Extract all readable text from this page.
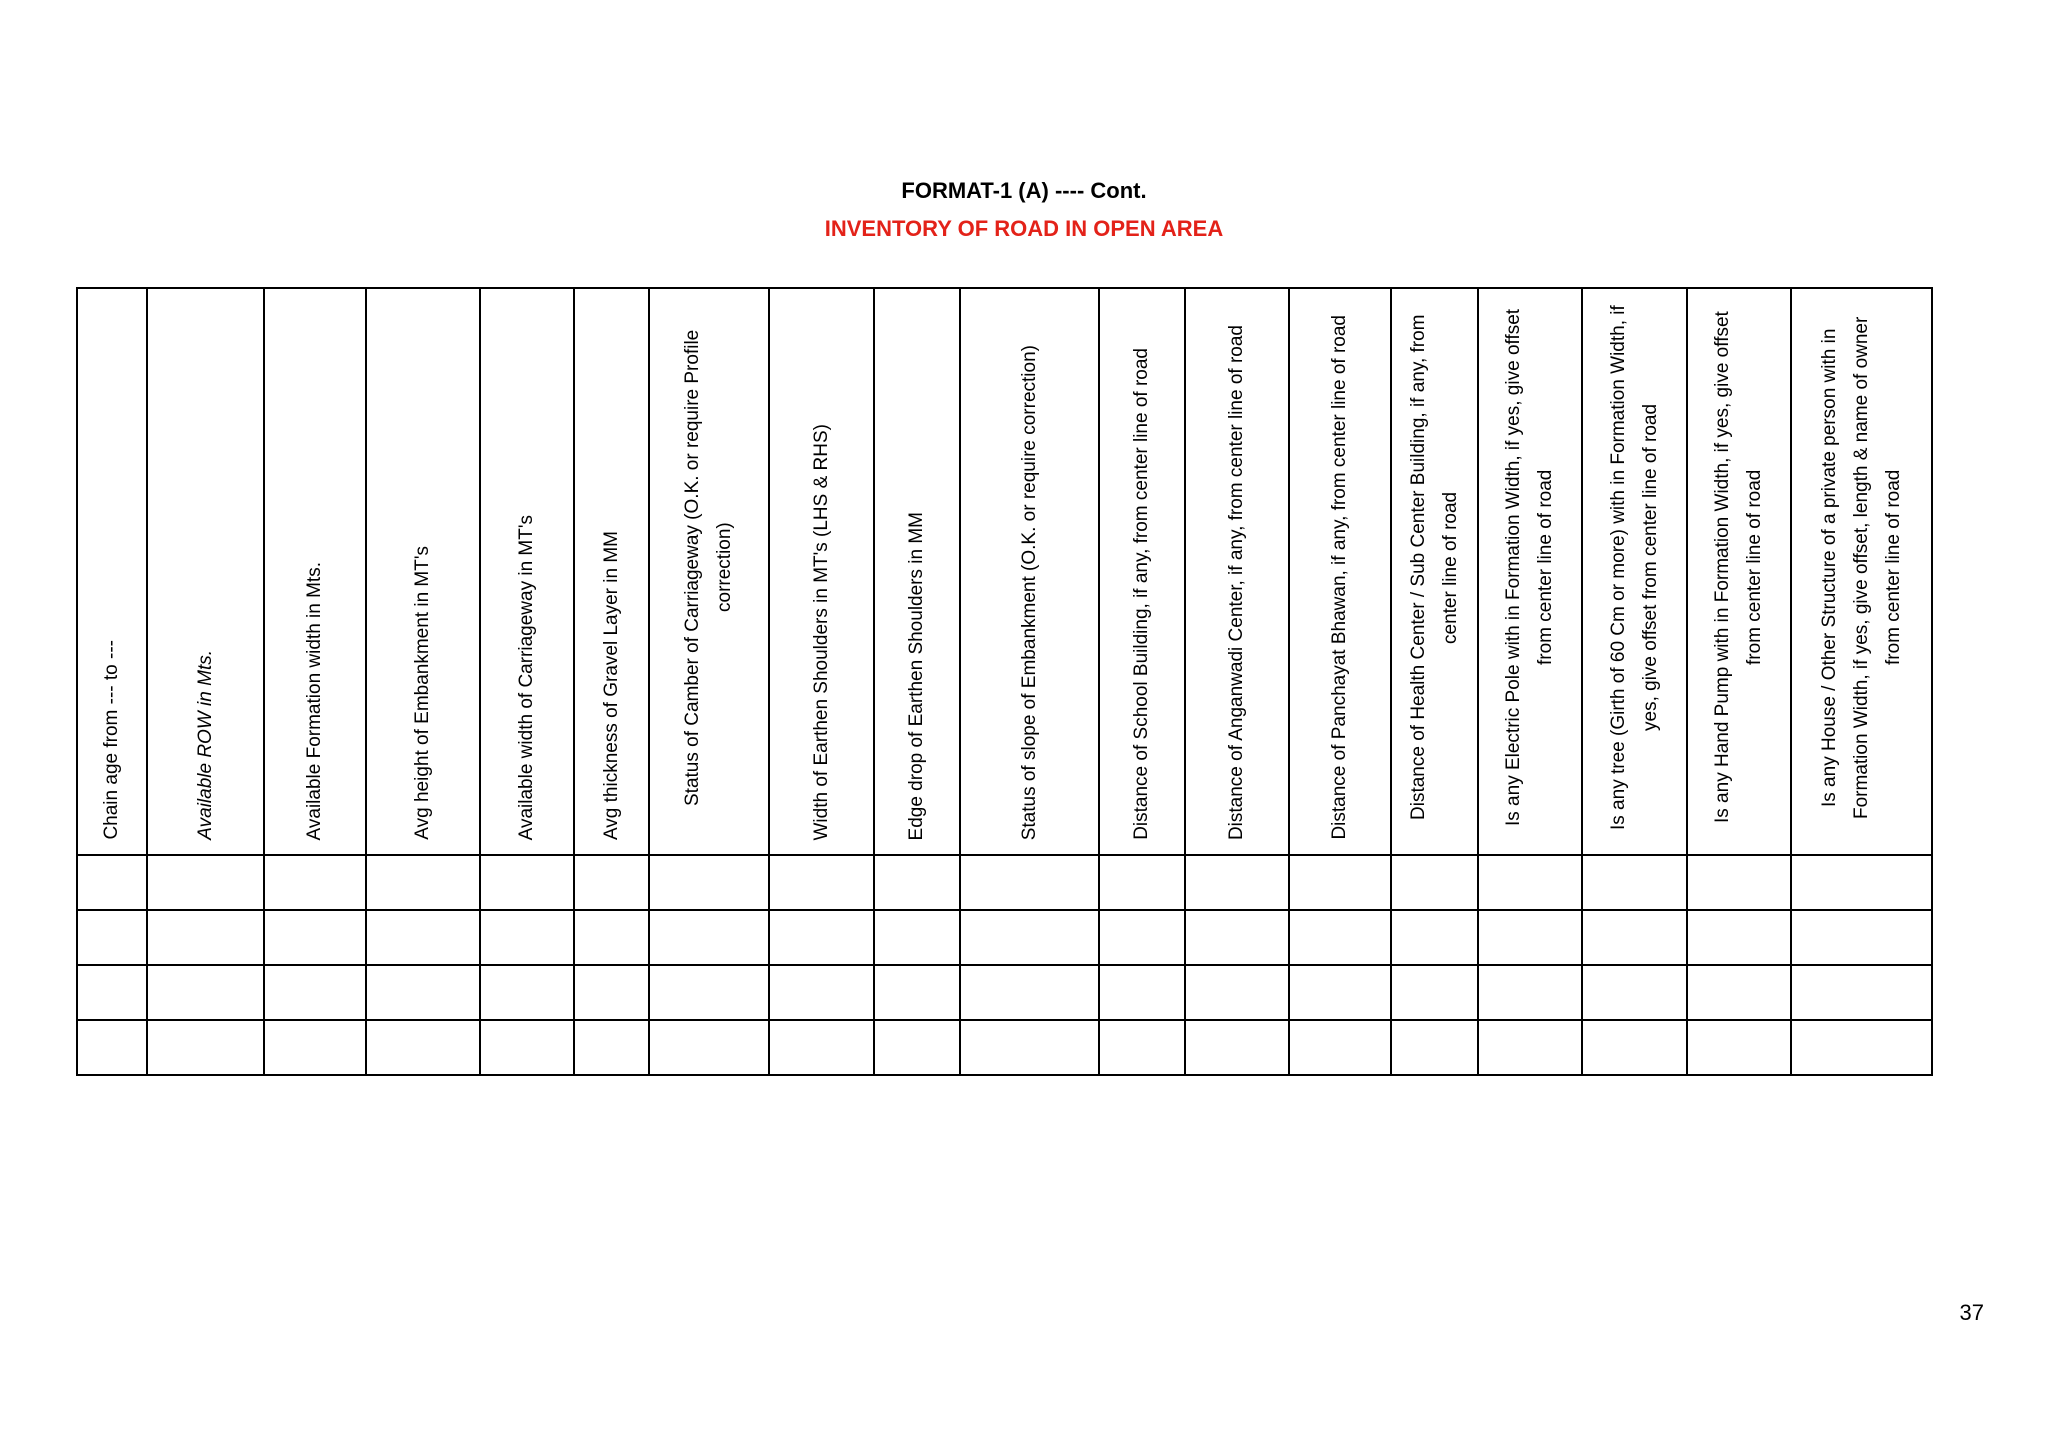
FORMAT-1 (A) ---- Cont.
INVENTORY OF ROAD IN OPEN AREA
Chain age from --- to ---	Available ROW in Mts.	Available Formation width in Mts.	Avg height of Embankment in MT's	Available width of Carriageway in MT's	Avg thickness of Gravel Layer in MM	Status of Camber of Carriageway (O.K. or require Profile correction)	Width of Earthen Shoulders in MT's (LHS & RHS)	Edge drop of Earthen Shoulders in MM	Status of slope of Embankment (O.K. or require correction)	Distance of School Building, if any, from center line of road	Distance of Anganwadi Center, if any, from center line of road	Distance of Panchayat Bhawan, if any, from center line of road	Distance of Health Center / Sub Center Building, if any, from center line of road	Is any Electric Pole with in Formation Width, if yes, give offset from center line of road	Is any tree (Girth of 60 Cm or more) with in Formation Width, if yes, give offset from center line of road	Is any Hand Pump with in Formation Width, if yes, give offset from center line of road	Is any House / Other Structure of a private person with in Formation Width, if yes, give offset, length & name of owner from center line of road

37
